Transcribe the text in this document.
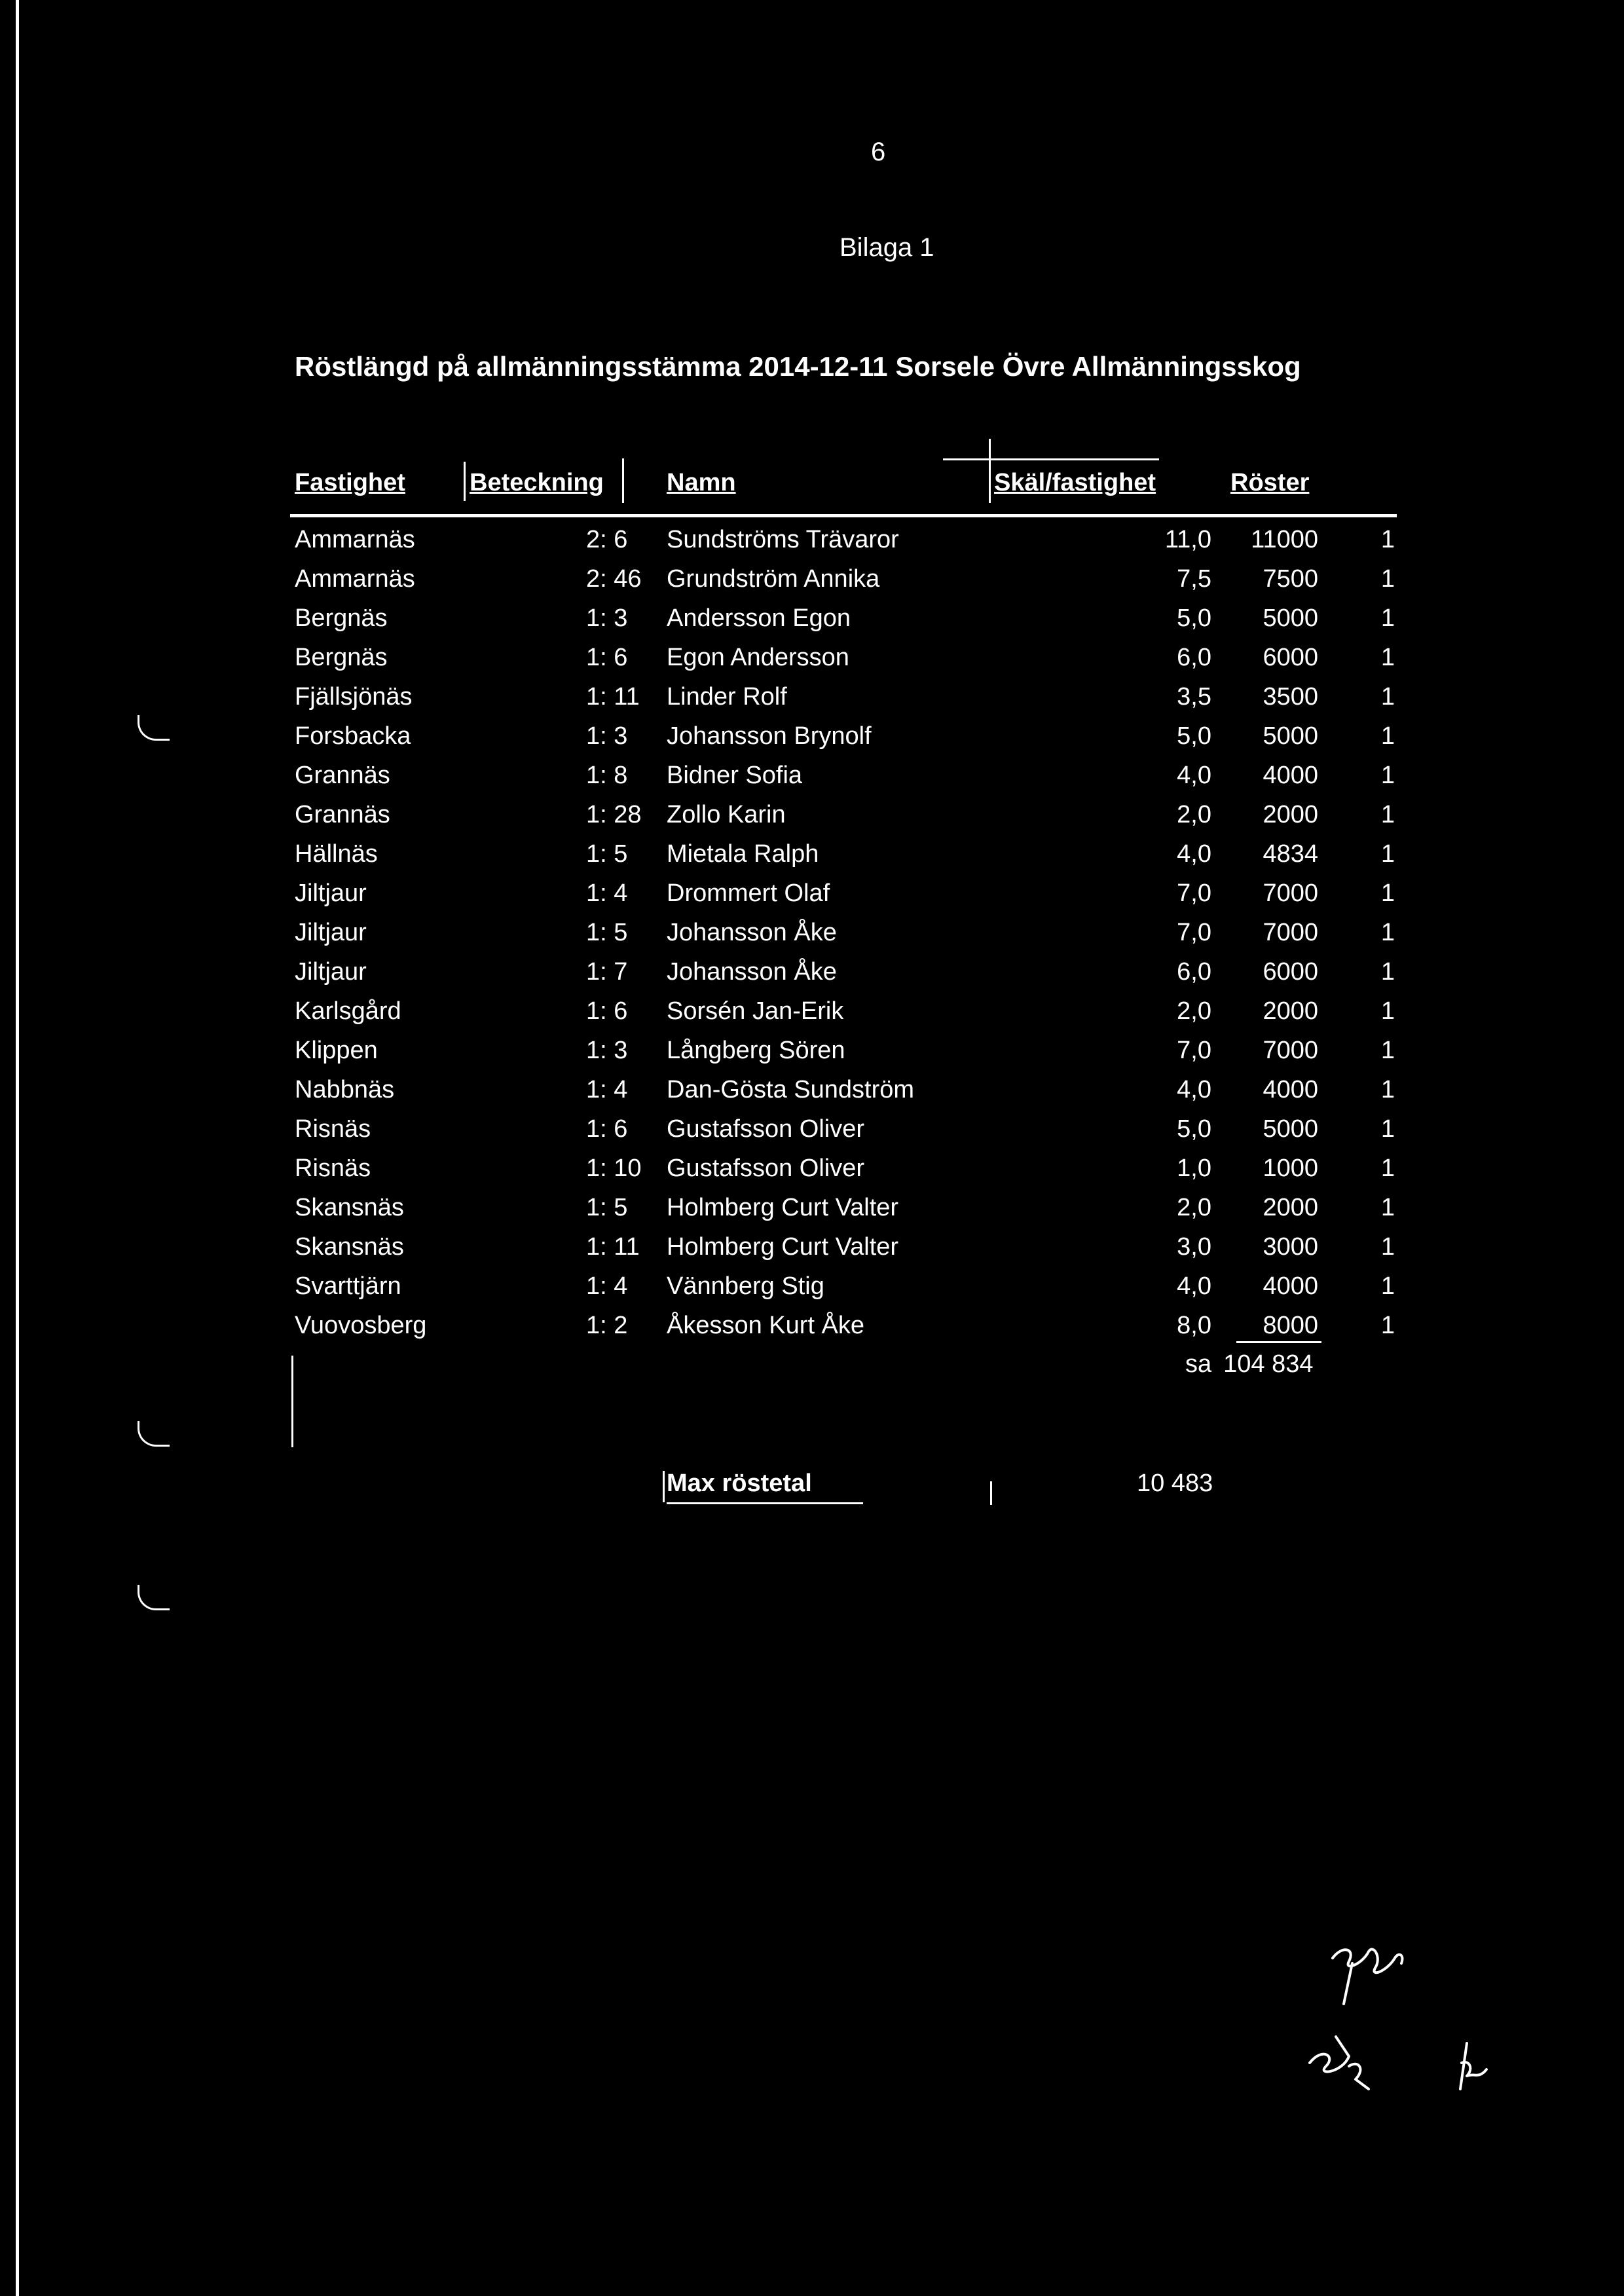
6
Bilaga 1
Röstlängd på allmänningsstämma 2014-12-11 Sorsele Övre Allmänningsskog
Fastighet	Beteckning	Namn	Skäl/fastighet	Röster
Ammarnäs	2: 6 Sundströms Trävaror	11,0	11000	1
Ammarnäs	2: 46 Grundström Annika	7,5	7500	1
Bergnäs	1: 3 Andersson Egon	5,0	5000	1
Bergnäs	1: 6 Egon Andersson	6,0	6000	1
Fjällsjönäs	1: 11 Linder Rolf	3,5	3500	1
Forsbacka	1: 3 Johansson Brynolf	5,0	5000	1
Grannäs	1: 8 Bidner Sofia	4,0	4000	1
Grannäs	1: 28 Zollo Karin	2,0	2000	1
Hällnäs	1: 5 Mietala Ralph	4,0	4834	1
Jiltjaur	1: 4 Drommert Olaf	7,0	7000	1
Jiltjaur	1: 5 Johansson Åke	7,0	7000	1
Jiltjaur	1: 7 Johansson Åke	6,0	6000	1
Karlsgård	1: 6 Sorsén Jan-Erik	2,0	2000	1
Klippen	1: 3 Långberg Sören	7,0	7000	1
Nabbnäs	1: 4 Dan-Gösta Sundström	4,0	4000	1
Risnäs	1: 6 Gustafsson Oliver	5,0	5000	1
Risnäs	1: 10 Gustafsson Oliver	1,0	1000	1
Skansnäs	1: 5 Holmberg Curt Valter	2,0	2000	1
Skansnäs	1: 11 Holmberg Curt Valter	3,0	3000	1
Svarttjärn	1: 4 Vännberg Stig	4,0	4000	1
Vuovosberg	1: 2 Åkesson Kurt Åke	8,0	8000	1
sa 104 834
Max röstetal	10 483
